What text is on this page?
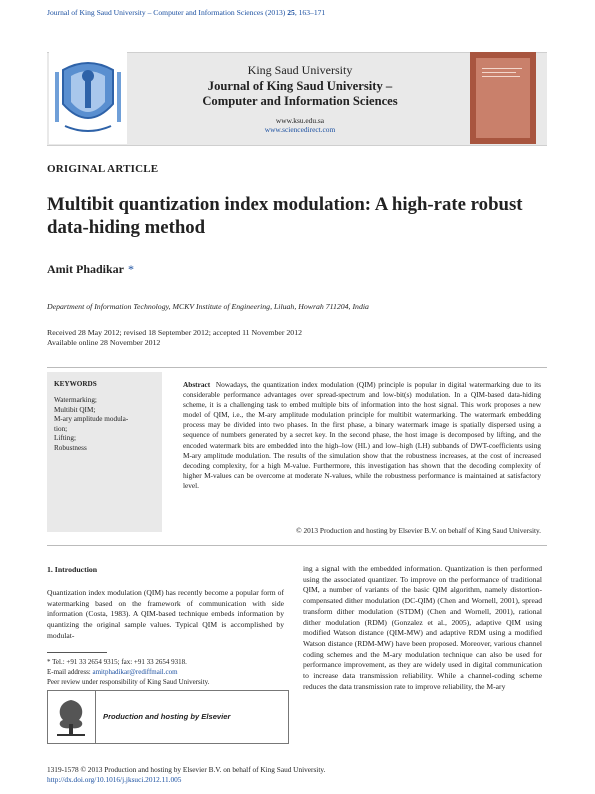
Journal of King Saud University – Computer and Information Sciences (2013) 25, 163–171
King Saud University
Journal of King Saud University –
Computer and Information Sciences
www.ksu.edu.sa
www.sciencedirect.com
ORIGINAL ARTICLE
Multibit quantization index modulation: A high-rate robust data-hiding method
Amit Phadikar *
Department of Information Technology, MCKV Institute of Engineering, Liluah, Howrah 711204, India
Received 28 May 2012; revised 18 September 2012; accepted 11 November 2012
Available online 28 November 2012
KEYWORDS
Watermarking;
Multibit QIM;
M-ary amplitude modula-
tion;
Lifting;
Robustness
Abstract Nowadays, the quantization index modulation (QIM) principle is popular in digital watermarking due to its considerable performance advantages over spread-spectrum and low-bit(s) modulation. In a QIM-based data-hiding scheme, it is a challenging task to embed multiple bits of information into the host signal. This work proposes a new model of QIM, i.e., the M-ary amplitude modulation principle for multibit watermarking. The watermark embedding process may be divided into two phases. In the first phase, a binary watermark image is spatially dispersed using a sequence of numbers generated by a secret key. In the second phase, the host image is decomposed by lifting, and the encoded watermark bits are embedded into the high–low (HL) and low–high (LH) subbands of DWT-coefficients using M-ary amplitude modulation. The results of the simulation show that the robustness increases, at the cost of increased decoding complexity, for a high M-value. Furthermore, this investigation has shown that the decoding complexity of higher M-values can be overcome at moderate N-values, while the robustness performance is maintained at satisfactory level.
© 2013 Production and hosting by Elsevier B.V. on behalf of King Saud University.
1. Introduction
Quantization index modulation (QIM) has recently become a popular form of watermarking based on the framework of communication with side information (Costa, 1983). A QIM-based technique embeds information by quantizing the original sample values. Typical QIM is accomplished by modulat-
ing a signal with the embedded information. Quantization is then performed using the associated quantizer. To improve on the performance of traditional QIM, a number of variants of the basic QIM algorithm, namely distortion-compensated dither modulation (DC-QIM) (Chen and Wornell, 2001), spread transform dither modulation (STDM) (Chen and Wornell, 2001), rational dither modulation (RDM) (Gonzalez et al., 2005), adaptive QIM using modified Watson distance (QIM-MW) and adaptive RDM using a modified Watson distance (RDM-MW) have been proposed. Moreover, various channel coding schemes and the M-ary modulation technique can also be used for performance improvement, as they are widely used in digital communication to increase data transmission reliability. While a channel-coding scheme reduces the data transmission rate to improve reliability, the M-ary
* Tel.: +91 33 2654 9315; fax: +91 33 2654 9318.
E-mail address: amitphadikar@rediffmail.com
Peer review under responsibility of King Saud University.
Production and hosting by Elsevier
1319-1578 © 2013 Production and hosting by Elsevier B.V. on behalf of King Saud University.
http://dx.doi.org/10.1016/j.jksuci.2012.11.005
